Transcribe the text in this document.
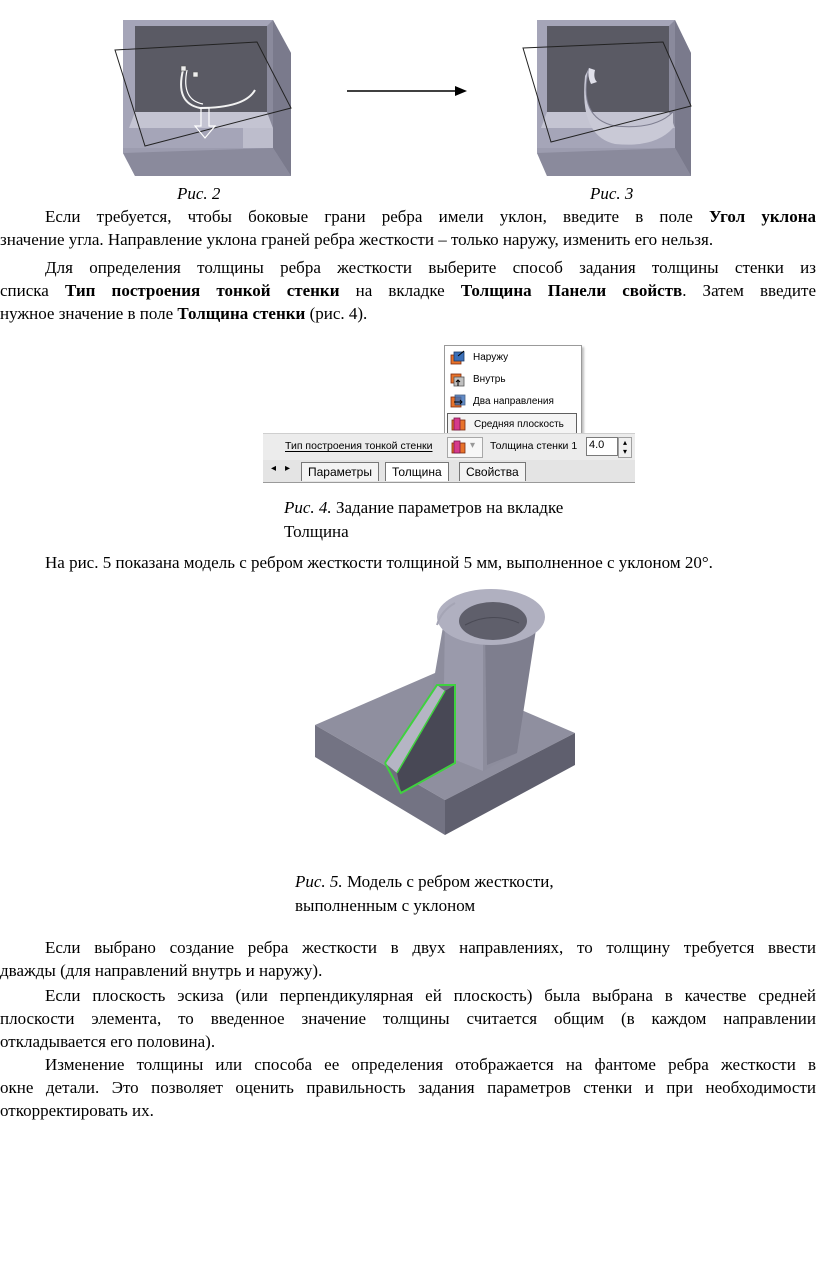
Рис. 2	Рис. 3
Если требуется, чтобы боковые грани ребра имели уклон, введите в поле Угол уклона
значение угла. Направление уклона граней ребра жесткости – только наружу, изменить его нельзя.
Для определения толщины ребра жесткости выберите способ задания толщины стенки из
списка Тип построения тонкой стенки на вкладке Толщина Панели свойств. Затем введите
нужное значение в поле Толщина стенки (рис. 4).
Наружу
Внутрь
Два направления
Средняя плоскость
Тип построения тонкой стенки	▾ Толщина стенки 1 4.0	▴
▾
◂ ▸	Параметры	Толщина	Свойства
Рис. 4. Задание параметров на вкладке
Толщина
На рис. 5 показана модель с ребром жесткости толщиной 5 мм, выполненное с уклоном 20°.
Рис. 5. Модель с ребром жесткости,
выполненным с уклоном
Если выбрано создание ребра жесткости в двух направлениях, то толщину требуется ввести
дважды (для направлений внутрь и наружу).
Если плоскость эскиза (или перпендикулярная ей плоскость) была выбрана в качестве средней
плоскости элемента, то введенное значение толщины считается общим (в каждом направлении
откладывается его половина).
Изменение толщины или способа ее определения отображается на фантоме ребра жесткости в
окне детали. Это позволяет оценить правильность задания параметров стенки и при необходимости
откорректировать их.
